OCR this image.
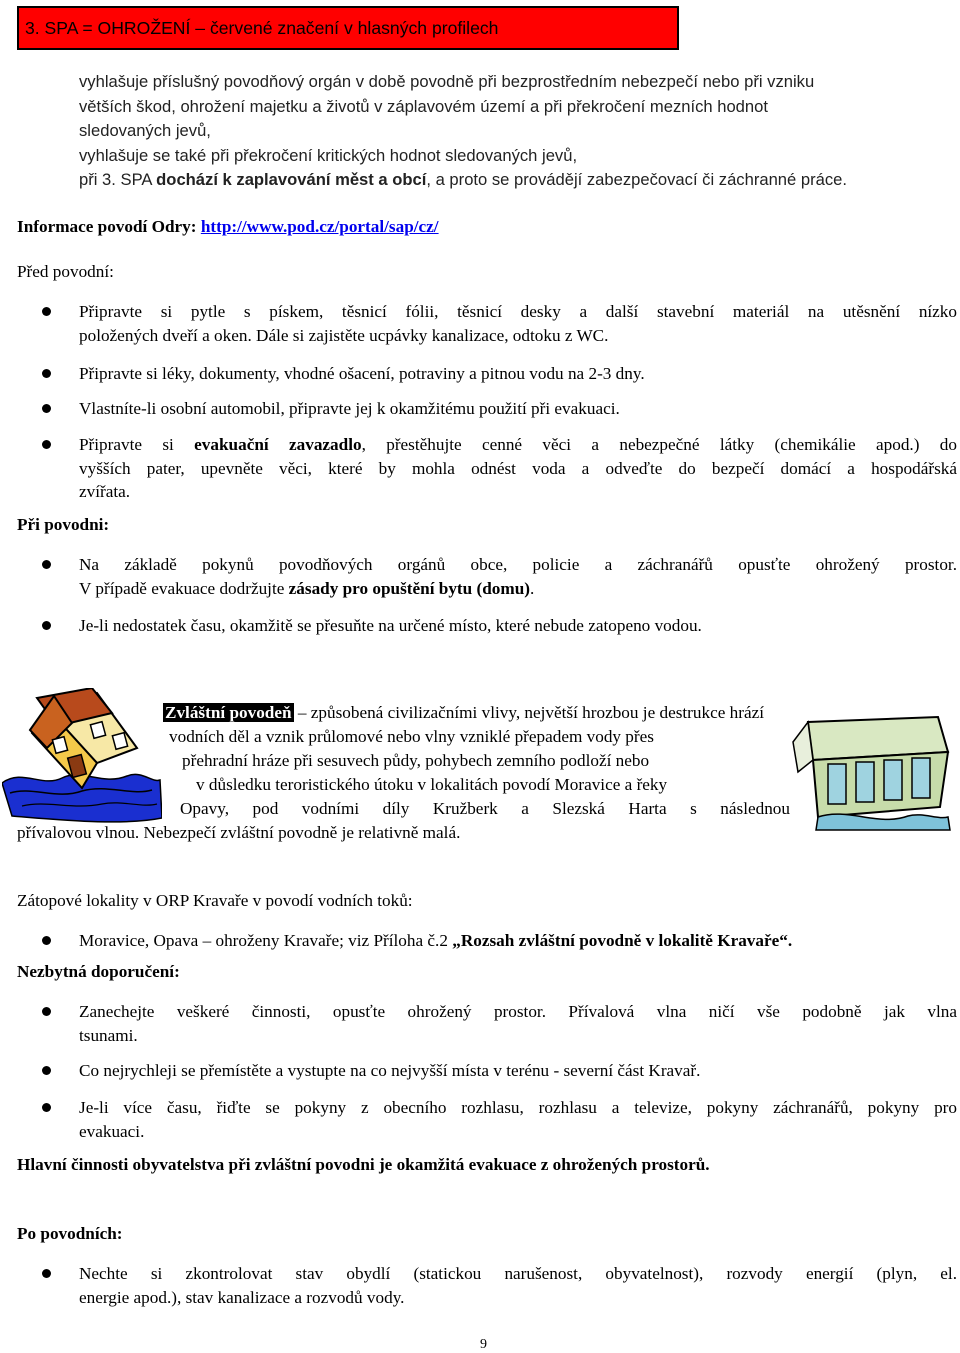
3. SPA = OHROŽENÍ – červené značení v hlasných profilech
vyhlašuje příslušný povodňový orgán v době povodně při bezprostředním nebezpečí nebo při vzniku
větších škod, ohrožení majetku a životů v záplavovém území a při překročení mezních hodnot
sledovaných jevů,
vyhlašuje se také při překročení kritických hodnot sledovaných jevů,
při 3. SPA dochází k zaplavování měst a obcí, a proto se provádějí zabezpečovací či záchranné práce.
Informace povodí Odry: http://www.pod.cz/portal/sap/cz/
Před povodní:
Připravte si pytle s pískem, těsnicí fólii, těsnicí desky a další stavební materiál na utěsnění nízko
položených dveří a oken. Dále si zajistěte ucpávky kanalizace, odtoku z WC.
Připravte si léky, dokumenty, vhodné ošacení, potraviny a pitnou vodu na 2-3 dny.
Vlastníte-li osobní automobil, připravte jej k okamžitému použití při evakuaci.
Připravte si evakuační zavazadlo, přestěhujte cenné věci a nebezpečné látky (chemikálie apod.) do
vyšších pater, upevněte věci, které by mohla odnést voda a odveďte do bezpečí domácí a hospodářská
zvířata.
Při povodni:
Na základě pokynů povodňových orgánů obce, policie a záchranářů opusťte ohrožený prostor.
V případě evakuace dodržujte zásady pro opuštění bytu (domu).
Je-li nedostatek času, okamžitě se přesuňte na určené místo, které nebude zatopeno vodou.
Zvláštní povodeň – způsobená civilizačními vlivy, největší hrozbou je destrukce hrází
vodních děl a vznik průlomové nebo vlny vzniklé přepadem vody přes
přehradní hráze při sesuvech půdy, pohybech zemního podloží nebo
v důsledku teroristického útoku v lokalitách povodí Moravice a řeky
Opavy, pod vodními díly Kružberk a Slezská Harta s následnou
přívalovou vlnou. Nebezpečí zvláštní povodně je relativně malá.
Zátopové lokality v ORP Kravaře v povodí vodních toků:
Moravice, Opava – ohroženy Kravaře; viz Příloha č.2 „Rozsah zvláštní povodně v lokalitě Kravaře“.
Nezbytná doporučení:
Zanechejte veškeré činnosti, opusťte ohrožený prostor. Přívalová vlna ničí vše podobně jak vlna
tsunami.
Co nejrychleji se přemístěte a vystupte na co nejvyšší místa v terénu - severní část Kravař.
Je-li více času, řiďte se pokyny z obecního rozhlasu, rozhlasu a televize, pokyny záchranářů, pokyny pro
evakuaci.
Hlavní činnosti obyvatelstva při zvláštní povodni je okamžitá evakuace z ohrožených prostorů.
Po povodních:
Nechte si zkontrolovat stav obydlí (statickou narušenost, obyvatelnost), rozvody energií (plyn, el.
energie apod.), stav kanalizace a rozvodů vody.
9
